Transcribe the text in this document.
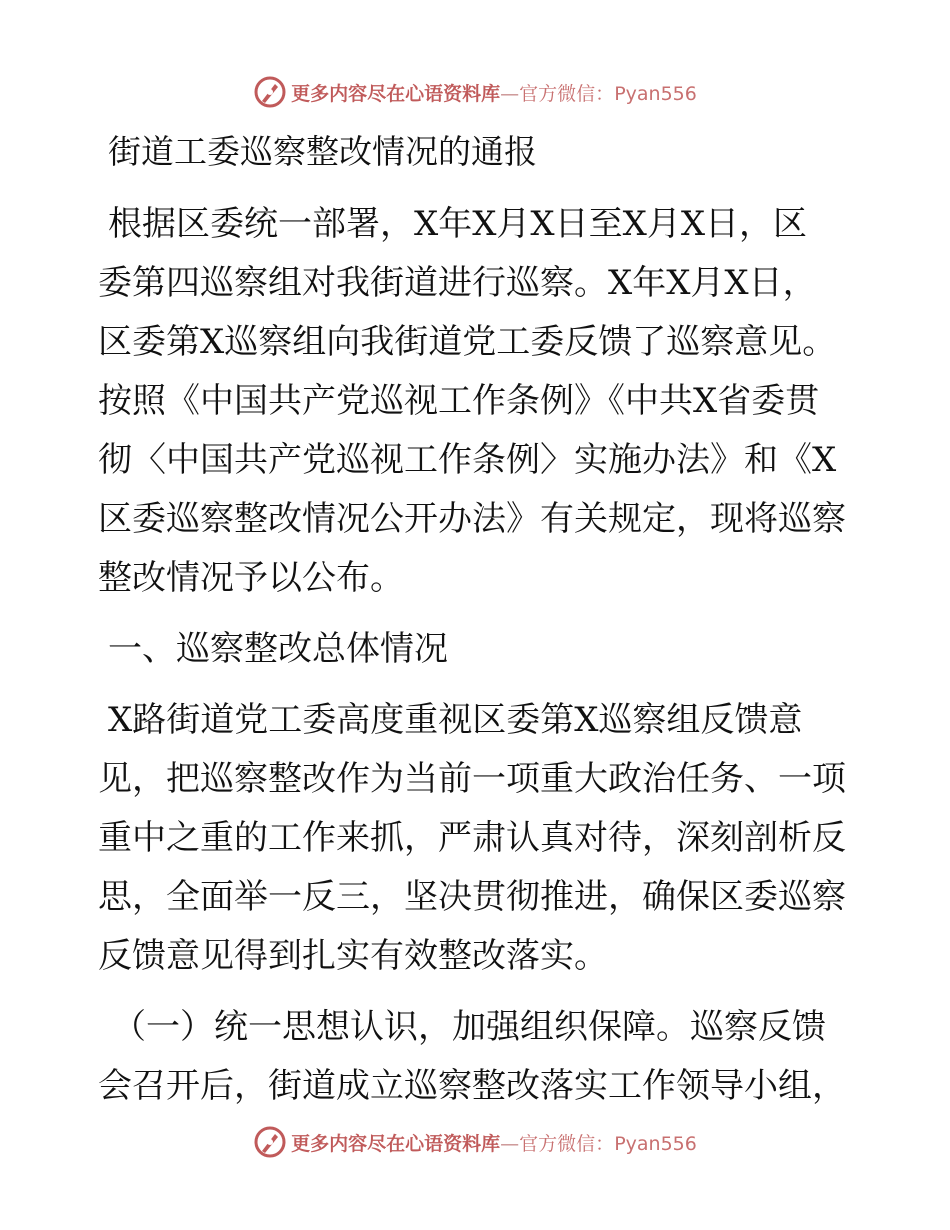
更多内容尽在心语资料库—官方微信：Pyan556
街道工委巡察整改情况的通报
根据区委统一部署，X年X月X日至X月X日，区
委第四巡察组对我街道进行巡察。X年X月X日，
区委第X巡察组向我街道党工委反馈了巡察意见。
按照《中国共产党巡视工作条例》《中共X省委贯
彻〈中国共产党巡视工作条例〉实施办法》和《X
区委巡察整改情况公开办法》有关规定，现将巡察
整改情况予以公布。
一、巡察整改总体情况
X路街道党工委高度重视区委第X巡察组反馈意
见，把巡察整改作为当前一项重大政治任务、一项
重中之重的工作来抓，严肃认真对待，深刻剖析反
思，全面举一反三，坚决贯彻推进，确保区委巡察
反馈意见得到扎实有效整改落实。
（一）统一思想认识，加强组织保障。巡察反馈
会召开后，街道成立巡察整改落实工作领导小组，
更多内容尽在心语资料库—官方微信：Pyan556
